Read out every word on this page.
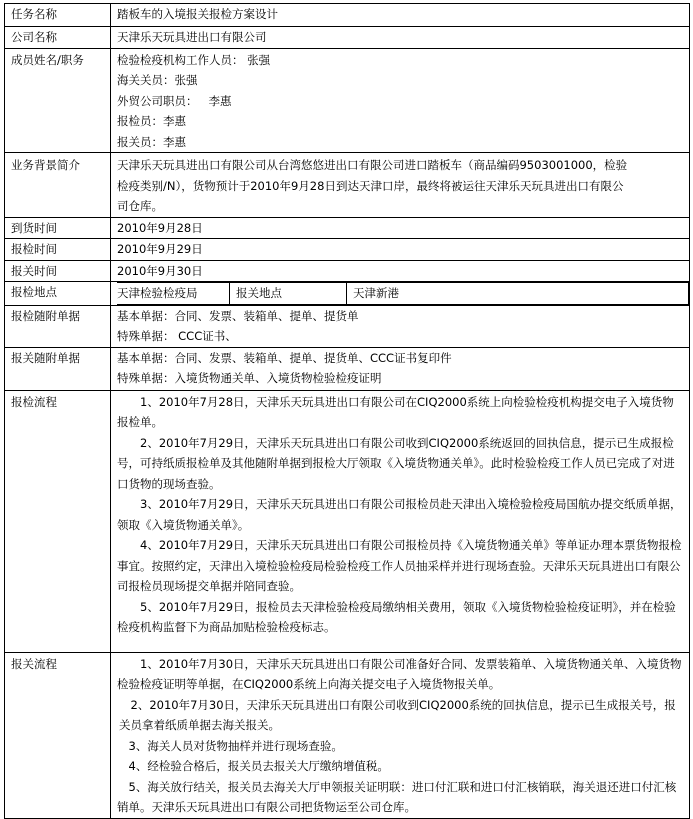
任务名称	踏板车的入境报关报检方案设计
公司名称	天津乐天玩具进出口有限公司
成员姓名/职务	检验检疫机构工作人员： 张强
海关关员：张强
外贸公司职员：   李惠
报检员：李惠
报关员：李惠

业务背景简介	天津乐天玩具进出口有限公司从台湾悠悠进出口有限公司进口踏板车（商品编码9503001000，检验检疫类别/N），货物预计于2010年9月28日到达天津口岸，最终将被运往天津乐天玩具进出口有限公司仓库。
到货时间	2010年9月28日
报检时间	2010年9月29日
报关时间	2010年9月30日
报检地点		天津检验检疫局	报关地点	天津新港

报检随附单据	基本单据：合同、发票、装箱单、提单、提货单
特殊单据： CCC证书、

报关随附单据	基本单据：合同、发票、装箱单、提单、提货单、CCC证书复印件
特殊单据：入境货物通关单、入境货物检验检疫证明

报检流程	1、2010年7月28日，天津乐天玩具进出口有限公司在CIQ2000系统上向检验检疫机构提交电子入境货物报检单。

2、2010年7月29日，天津乐天玩具进出口有限公司收到CIQ2000系统返回的回执信息，提示已生成报检号，可持纸质报检单及其他随附单据到报检大厅领取《入境货物通关单》。此时检验检疫工作人员已完成了对进口货物的现场查验。

3、2010年7月29日，天津乐天玩具进出口有限公司报检员赴天津出入境检验检疫局国航办提交纸质单据，领取《入境货物通关单》。

4、2010年7月29日，天津乐天玩具进出口有限公司报检员持《入境货物通关单》等单证办理本票货物报检事宜。按照约定，天津出入境检验检疫局检验检疫工作人员抽采样并进行现场查验。天津乐天玩具进出口有限公司报检员现场提交单据并陪同查验。

5、2010年7月29日，报检员去天津检验检疫局缴纳相关费用，领取《入境货物检验检疫证明》，并在检验检疫机构监督下为商品加贴检验检疫标志。

报关流程	1、2010年7月30日，天津乐天玩具进出口有限公司准备好合同、发票装箱单、入境货物通关单、入境货物检验检疫证明等单据，在CIQ2000系统上向海关提交电子入境货物报关单。

2、2010年7月30日，天津乐天玩具进出口有限公司收到CIQ2000系统的回执信息，提示已生成报关号，报关员拿着纸质单据去海关报关。

3、海关人员对货物抽样并进行现场查验。

4、经检验合格后，报关员去报关大厅缴纳增值税。

5、海关放行结关，报关员去海关大厅申领报关证明联：进口付汇联和进口付汇核销联，海关退还进口付汇核销单。天津乐天玩具进出口有限公司把货物运至公司仓库。
